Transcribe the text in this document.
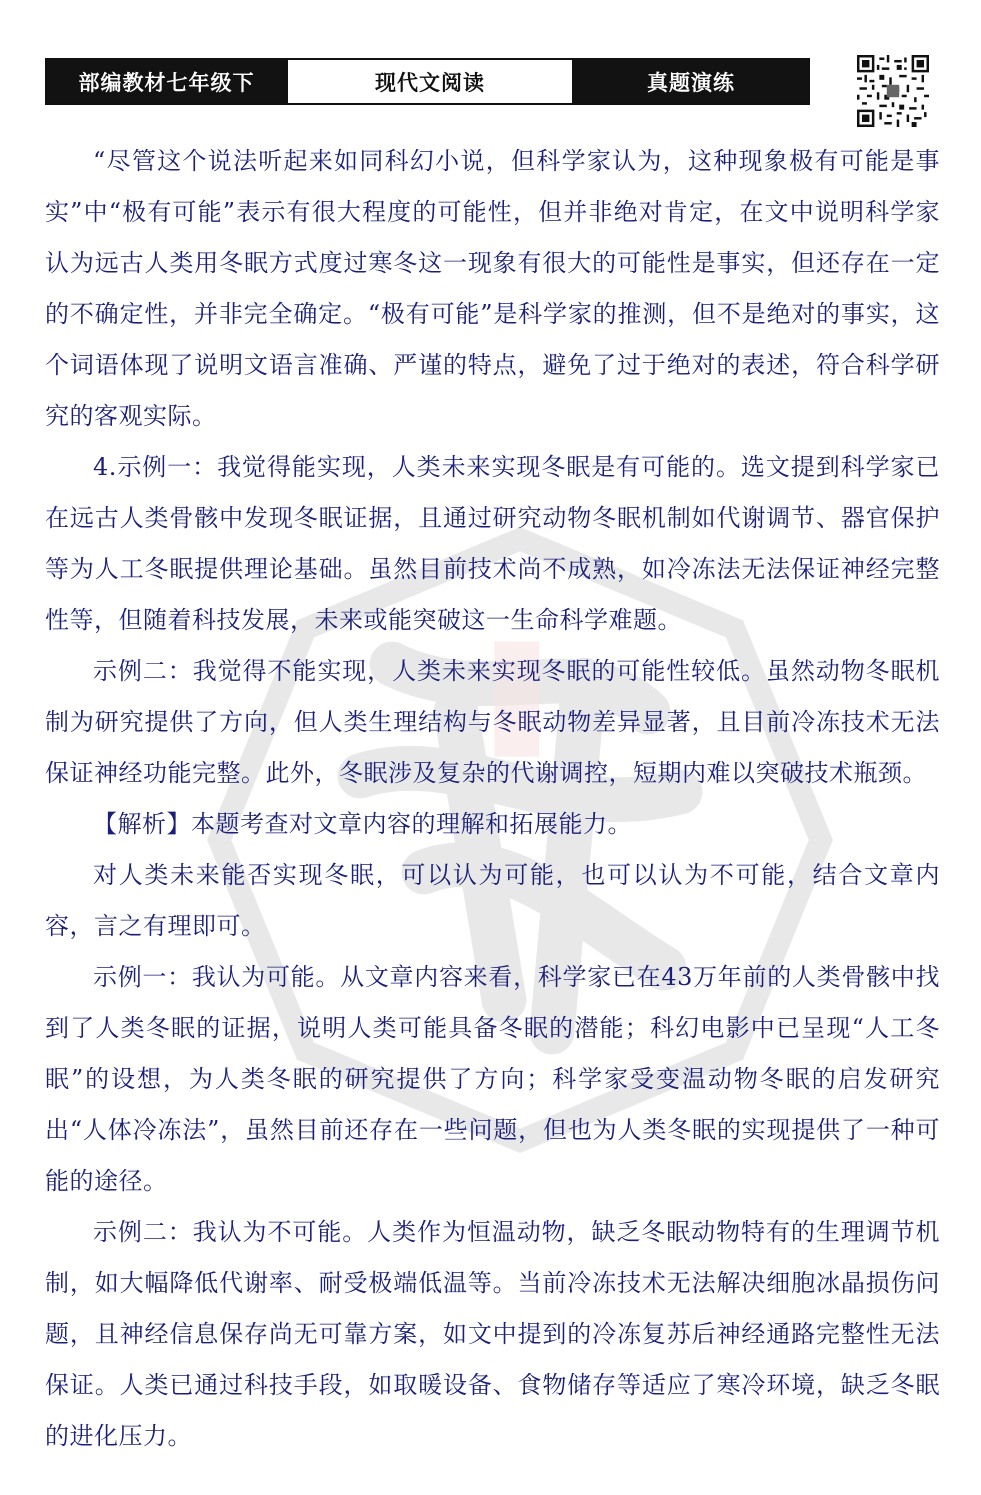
部编教材七年级下	现代文阅读	真题演练

“尽管这个说法听起来如同科幻小说，但科学家认为，这种现象极有可能是事实”中“极有可能”表示有很大程度的可能性，但并非绝对肯定，在文中说明科学家认为远古人类用冬眠方式度过寒冬这一现象有很大的可能性是事实，但还存在一定的不确定性，并非完全确定。“极有可能”是科学家的推测，但不是绝对的事实，这个词语体现了说明文语言准确、严谨的特点，避免了过于绝对的表述，符合科学研究的客观实际。

4.示例一：我觉得能实现，人类未来实现冬眠是有可能的。选文提到科学家已在远古人类骨骸中发现冬眠证据，且通过研究动物冬眠机制如代谢调节、器官保护等为人工冬眠提供理论基础。虽然目前技术尚不成熟，如冷冻法无法保证神经完整性等，但随着科技发展，未来或能突破这一生命科学难题。

示例二：我觉得不能实现，人类未来实现冬眠的可能性较低。虽然动物冬眠机制为研究提供了方向，但人类生理结构与冬眠动物差异显著，且目前冷冻技术无法保证神经功能完整。此外，冬眠涉及复杂的代谢调控，短期内难以突破技术瓶颈。

【解析】本题考查对文章内容的理解和拓展能力。

对人类未来能否实现冬眠，可以认为可能，也可以认为不可能，结合文章内容，言之有理即可。

示例一：我认为可能。从文章内容来看，科学家已在43万年前的人类骨骸中找到了人类冬眠的证据，说明人类可能具备冬眠的潜能；科幻电影中已呈现“人工冬眠”的设想，为人类冬眠的研究提供了方向；科学家受变温动物冬眠的启发研究出“人体冷冻法”，虽然目前还存在一些问题，但也为人类冬眠的实现提供了一种可能的途径。

示例二：我认为不可能。人类作为恒温动物，缺乏冬眠动物特有的生理调节机制，如大幅降低代谢率、耐受极端低温等。当前冷冻技术无法解决细胞冰晶损伤问题，且神经信息保存尚无可靠方案，如文中提到的冷冻复苏后神经通路完整性无法保证。人类已通过科技手段，如取暖设备、食物储存等适应了寒冷环境，缺乏冬眠的进化压力。
